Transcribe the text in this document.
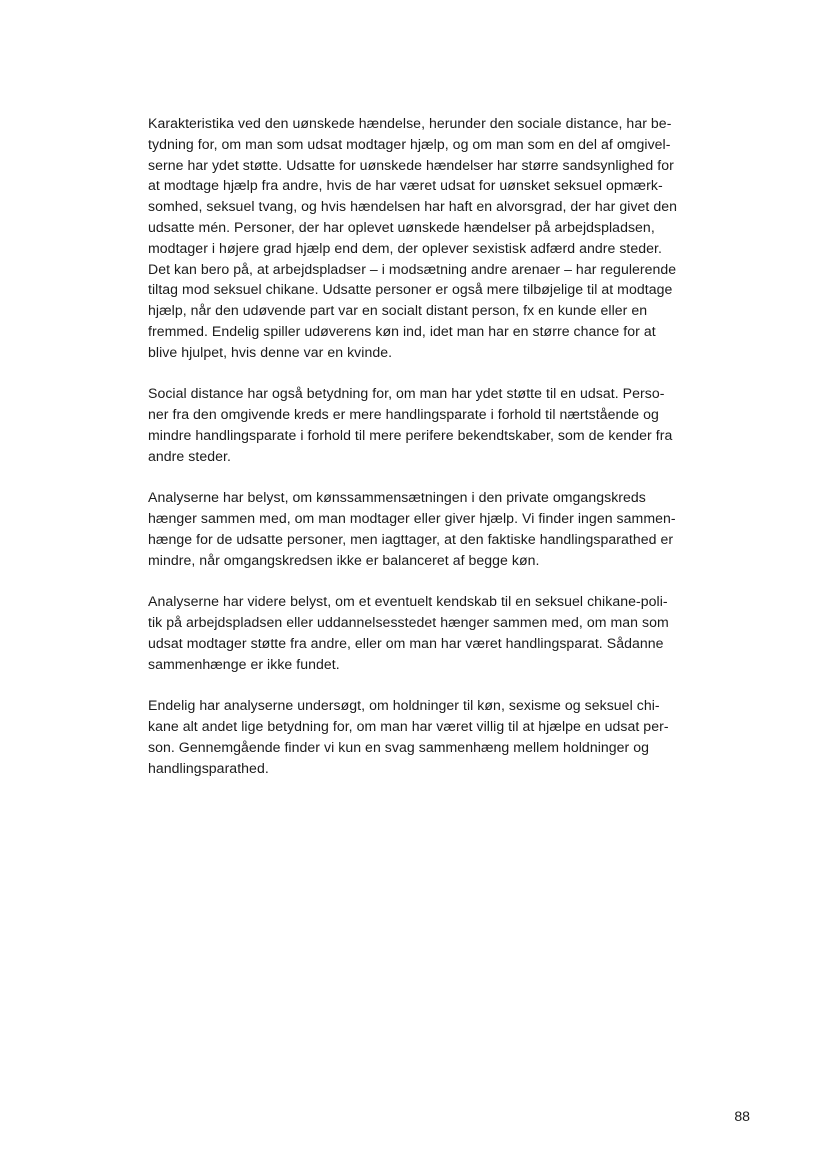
Karakteristika ved den uønskede hændelse, herunder den sociale distance, har be-
tydning for, om man som udsat modtager hjælp, og om man som en del af omgivel-
serne har ydet støtte. Udsatte for uønskede hændelser har større sandsynlighed for
at modtage hjælp fra andre, hvis de har været udsat for uønsket seksuel opmærk-
somhed, seksuel tvang, og hvis hændelsen har haft en alvorsgrad, der har givet den
udsatte mén. Personer, der har oplevet uønskede hændelser på arbejdspladsen,
modtager i højere grad hjælp end dem, der oplever sexistisk adfærd andre steder.
Det kan bero på, at arbejdspladser – i modsætning andre arenaer – har regulerende
tiltag mod seksuel chikane. Udsatte personer er også mere tilbøjelige til at modtage
hjælp, når den udøvende part var en socialt distant person, fx en kunde eller en
fremmed. Endelig spiller udøverens køn ind, idet man har en større chance for at
blive hjulpet, hvis denne var en kvinde.
Social distance har også betydning for, om man har ydet støtte til en udsat. Perso-
ner fra den omgivende kreds er mere handlingsparate i forhold til nærtstående og
mindre handlingsparate i forhold til mere perifere bekendtskaber, som de kender fra
andre steder.
Analyserne har belyst, om kønssammensætningen i den private omgangskreds
hænger sammen med, om man modtager eller giver hjælp. Vi finder ingen sammen-
hænge for de udsatte personer, men iagttager, at den faktiske handlingsparathed er
mindre, når omgangskredsen ikke er balanceret af begge køn.
Analyserne har videre belyst, om et eventuelt kendskab til en seksuel chikane-poli-
tik på arbejdspladsen eller uddannelsesstedet hænger sammen med, om man som
udsat modtager støtte fra andre, eller om man har været handlingsparat. Sådanne
sammenhænge er ikke fundet.
Endelig har analyserne undersøgt, om holdninger til køn, sexisme og seksuel chi-
kane alt andet lige betydning for, om man har været villig til at hjælpe en udsat per-
son. Gennemgående finder vi kun en svag sammenhæng mellem holdninger og
handlingsparathed.
88
